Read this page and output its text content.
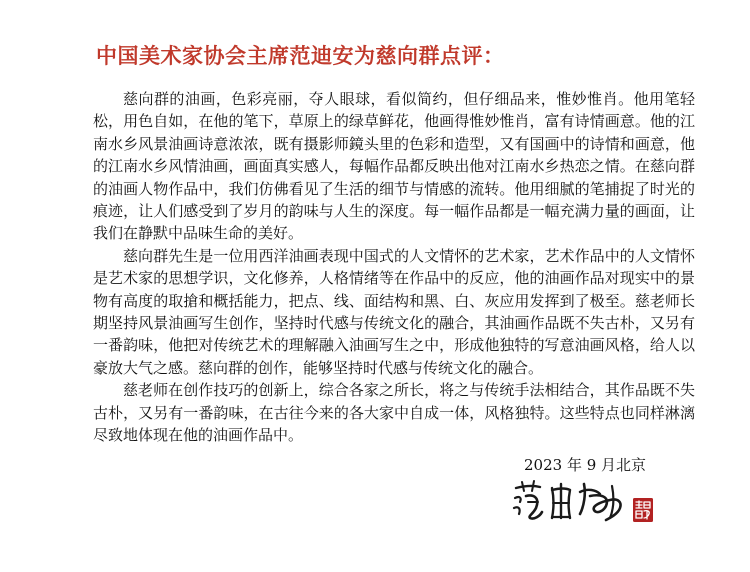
中国美术家协会主席范迪安为慈向群点评：

慈向群的油画，色彩亮丽，夺人眼球，看似简约，但仔细品来，惟妙惟肖。他用笔轻松，用色自如，在他的笔下，草原上的绿草鲜花，他画得惟妙惟肖，富有诗情画意。他的江南水乡风景油画诗意浓浓，既有摄影师鏡头里的色彩和造型，又有国画中的诗情和画意，他的江南水乡风情油画，画面真实感人，每幅作品都反映出他对江南水乡热恋之情。在慈向群的油画人物作品中，我们仿佛看见了生活的细节与情感的流转。他用细腻的笔捕捉了时光的痕迹，让人们感受到了岁月的韵味与人生的深度。每一幅作品都是一幅充满力量的画面，让我们在静默中品味生命的美好。

慈向群先生是一位用西洋油画表现中国式的人文情怀的艺术家，艺术作品中的人文情怀是艺术家的思想学识，文化修养，人格情绪等在作品中的反应，他的油画作品对现实中的景物有高度的取搶和概括能力，把点、线、面结构和黑、白、灰应用发挥到了极至。慈老师长期坚持风景油画写生创作，坚持时代感与传统文化的融合，其油画作品既不失古朴，又另有一番韵味，他把对传统艺术的理解融入油画写生之中，形成他独特的写意油画风格，给人以豪放大气之感。慈向群的创作，能够坚持时代感与传统文化的融合。

慈老师在创作技巧的创新上，综合各家之所长，将之与传统手法相结合，其作品既不失古朴，又另有一番韵味，在古往今来的各大家中自成一体，风格独特。这些特点也同样淋漓尽致地体现在他的油画作品中。

2023 年 9 月北京
